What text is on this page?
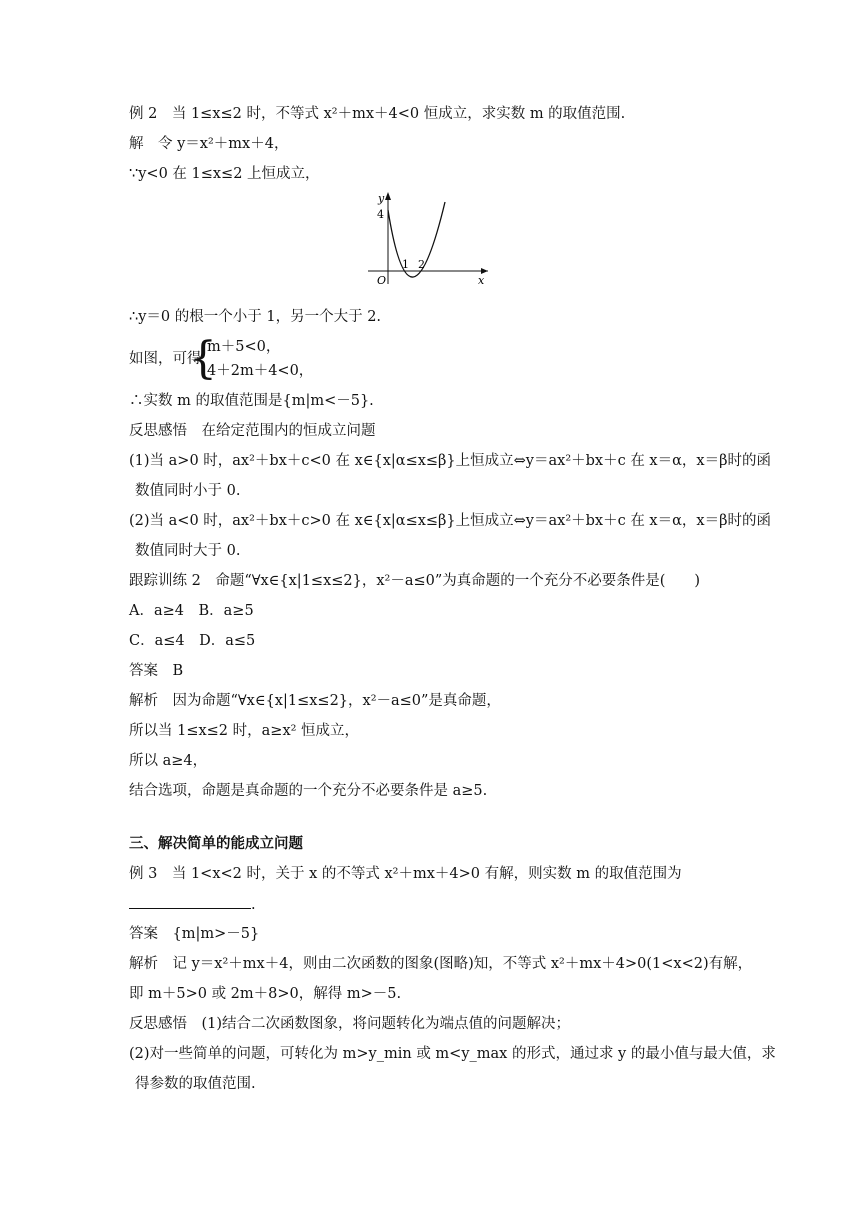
例 2　当 1≤x≤2 时，不等式 x²＋mx＋4<0 恒成立，求实数 m 的取值范围.
解　令 y＝x²＋mx＋4，
∵y<0 在 1≤x≤2 上恒成立，
y
4
O
1 2
x
∴y＝0 的根一个小于 1，另一个大于 2.
如图，可得
{
m＋5<0，
4＋2m＋4<0，
∴实数 m 的取值范围是{m|m<－5}.
反思感悟　在给定范围内的恒成立问题
(1)当 a>0 时，ax²＋bx＋c<0 在 x∈{x|α≤x≤β}上恒成立⇔y＝ax²＋bx＋c 在 x＝α，x＝β时的函
数值同时小于 0.
(2)当 a<0 时，ax²＋bx＋c>0 在 x∈{x|α≤x≤β}上恒成立⇔y＝ax²＋bx＋c 在 x＝α，x＝β时的函
数值同时大于 0.
跟踪训练 2　命题“∀x∈{x|1≤x≤2}，x²－a≤0”为真命题的一个充分不必要条件是(　　)
A．a≥4　B．a≥5
C．a≤4　D．a≤5
答案　B
解析　因为命题“∀x∈{x|1≤x≤2}，x²－a≤0”是真命题，
所以当 1≤x≤2 时，a≥x² 恒成立，
所以 a≥4，
结合选项，命题是真命题的一个充分不必要条件是 a≥5.
三、解决简单的能成立问题
例 3　当 1<x<2 时，关于 x 的不等式 x²＋mx＋4>0 有解，则实数 m 的取值范围为
.
答案　{m|m>－5}
解析　记 y＝x²＋mx＋4，则由二次函数的图象(图略)知，不等式 x²＋mx＋4>0(1<x<2)有解，
即 m＋5>0 或 2m＋8>0，解得 m>－5.
反思感悟　(1)结合二次函数图象，将问题转化为端点值的问题解决；
(2)对一些简单的问题，可转化为 m>y_min 或 m<y_max 的形式，通过求 y 的最小值与最大值，求
得参数的取值范围.
